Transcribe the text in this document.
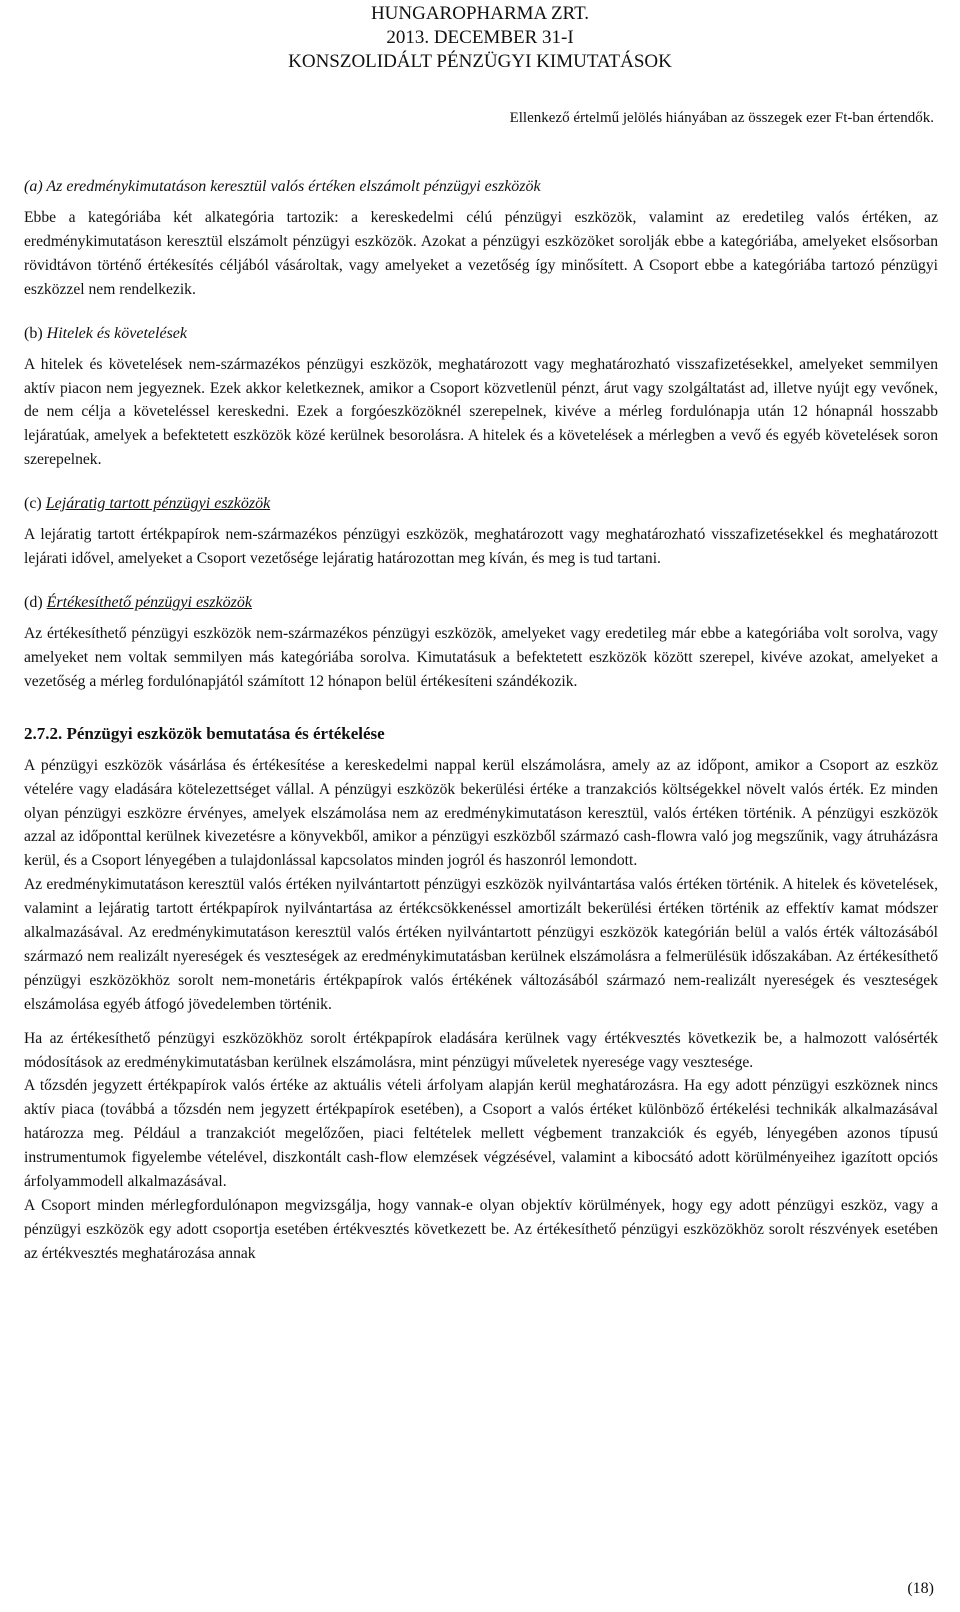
HUNGAROPHARMA ZRT.
2013. DECEMBER 31-I
KONSZOLIDÁLT PÉNZÜGYI KIMUTATÁSOK
Ellenkező értelmű jelölés hiányában az összegek ezer Ft-ban értendők.
(a) Az eredménykimutatáson keresztül valós értéken elszámolt pénzügyi eszközök

Ebbe a kategóriába két alkategória tartozik: a kereskedelmi célú pénzügyi eszközök, valamint az eredetileg valós értéken, az eredménykimutatáson keresztül elszámolt pénzügyi eszközök. Azokat a pénzügyi eszközöket sorolják ebbe a kategóriába, amelyeket elsősorban rövidtávon történő értékesítés céljából vásároltak, vagy amelyeket a vezetőség így minősített. A Csoport ebbe a kategóriába tartozó pénzügyi eszközzel nem rendelkezik.

(b) Hitelek és követelések

A hitelek és követelések nem-származékos pénzügyi eszközök, meghatározott vagy meghatározható visszafizetésekkel, amelyeket semmilyen aktív piacon nem jegyeznek. Ezek akkor keletkeznek, amikor a Csoport közvetlenül pénzt, árut vagy szolgáltatást ad, illetve nyújt egy vevőnek, de nem célja a követeléssel kereskedni. Ezek a forgóeszközöknél szerepelnek, kivéve a mérleg fordulónapja után 12 hónapnál hosszabb lejáratúak, amelyek a befektetett eszközök közé kerülnek besorolásra. A hitelek és a követelések a mérlegben a vevő és egyéb követelések soron szerepelnek.

(c) Lejáratig tartott pénzügyi eszközök

A lejáratig tartott értékpapírok nem-származékos pénzügyi eszközök, meghatározott vagy meghatározható visszafizetésekkel és meghatározott lejárati idővel, amelyeket a Csoport vezetősége lejáratig határozottan meg kíván, és meg is tud tartani.

(d) Értékesíthető pénzügyi eszközök

Az értékesíthető pénzügyi eszközök nem-származékos pénzügyi eszközök, amelyeket vagy eredetileg már ebbe a kategóriába volt sorolva, vagy amelyeket nem voltak semmilyen más kategóriába sorolva. Kimutatásuk a befektetett eszközök között szerepel, kivéve azokat, amelyeket a vezetőség a mérleg fordulónapjától számított 12 hónapon belül értékesíteni szándékozik.

2.7.2. Pénzügyi eszközök bemutatása és értékelése

A pénzügyi eszközök vásárlása és értékesítése a kereskedelmi nappal kerül elszámolásra, amely az az időpont, amikor a Csoport az eszköz vételére vagy eladására kötelezettséget vállal. A pénzügyi eszközök bekerülési értéke a tranzakciós költségekkel növelt valós érték. Ez minden olyan pénzügyi eszközre érvényes, amelyek elszámolása nem az eredménykimutatáson keresztül, valós értéken történik. A pénzügyi eszközök azzal az időponttal kerülnek kivezetésre a könyvekből, amikor a pénzügyi eszközből származó cash-flowra való jog megszűnik, vagy átruházásra kerül, és a Csoport lényegében a tulajdonlással kapcsolatos minden jogról és haszonról lemondott.

Az eredménykimutatáson keresztül valós értéken nyilvántartott pénzügyi eszközök nyilvántartása valós értéken történik. A hitelek és követelések, valamint a lejáratig tartott értékpapírok nyilvántartása az értékcsökkenéssel amortizált bekerülési értéken történik az effektív kamat módszer alkalmazásával. Az eredménykimutatáson keresztül valós értéken nyilvántartott pénzügyi eszközök kategórián belül a valós érték változásából származó nem realizált nyereségek és veszteségek az eredménykimutatásban kerülnek elszámolásra a felmerülésük időszakában. Az értékesíthető pénzügyi eszközökhöz sorolt nem-monetáris értékpapírok valós értékének változásából származó nem-realizált nyereségek és veszteségek elszámolása egyéb átfogó jövedelemben történik.

Ha az értékesíthető pénzügyi eszközökhöz sorolt értékpapírok eladására kerülnek vagy értékvesztés következik be, a halmozott valósérték módosítások az eredménykimutatásban kerülnek elszámolásra, mint pénzügyi műveletek nyeresége vagy vesztesége.

A tőzsdén jegyzett értékpapírok valós értéke az aktuális vételi árfolyam alapján kerül meghatározásra. Ha egy adott pénzügyi eszköznek nincs aktív piaca (továbbá a tőzsdén nem jegyzett értékpapírok esetében), a Csoport a valós értéket különböző értékelési technikák alkalmazásával határozza meg. Például a tranzakciót megelőzően, piaci feltételek mellett végbement tranzakciók és egyéb, lényegében azonos típusú instrumentumok figyelembe vételével, diszkontált cash-flow elemzések végzésével, valamint a kibocsátó adott körülményeihez igazított opciós árfolyammodell alkalmazásával.

A Csoport minden mérlegfordulónapon megvizsgálja, hogy vannak-e olyan objektív körülmények, hogy egy adott pénzügyi eszköz, vagy a pénzügyi eszközök egy adott csoportja esetében értékvesztés következett be. Az értékesíthető pénzügyi eszközökhöz sorolt részvények esetében az értékvesztés meghatározása annak

(18)
